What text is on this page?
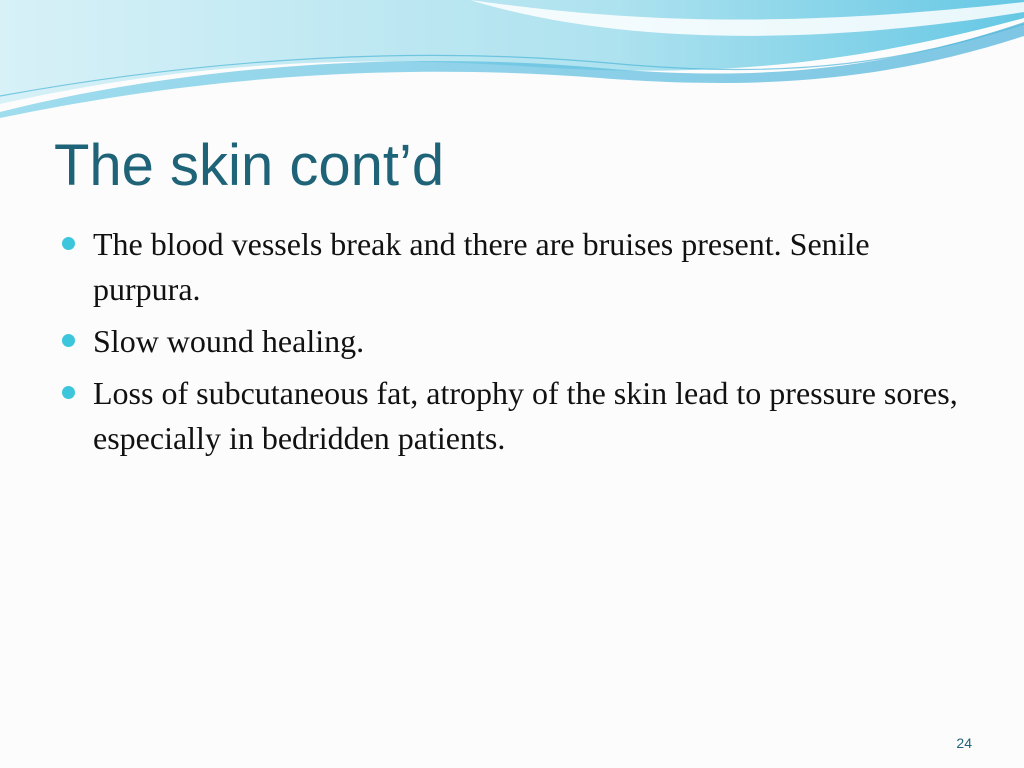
The skin cont’d
The blood vessels break and there are bruises present. Senile purpura.
Slow wound healing.
Loss of subcutaneous fat, atrophy of the skin lead to pressure sores, especially in bedridden patients.
24
